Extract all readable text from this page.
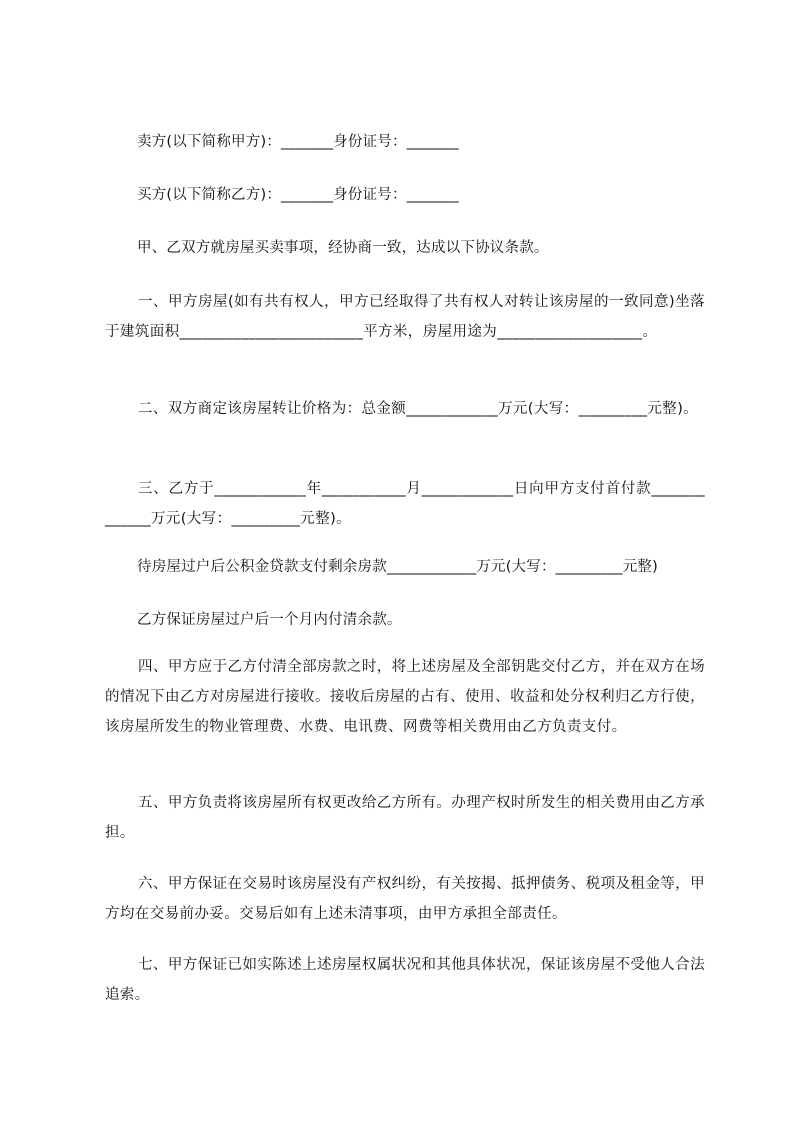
卖方(以下简称甲方)：_______身份证号：_______

买方(以下简称乙方)：_______身份证号：_______

甲、乙双方就房屋买卖事项，经协商一致，达成以下协议条款。

一、甲方房屋(如有共有权人，甲方已经取得了共有权人对转让该房屋的一致同意)坐落于建筑面积________________________平方米，房屋用途为___________________。

二、双方商定该房屋转让价格为：总金额____________万元(大写：_________元整)。

三、乙方于____________年___________月____________日向甲方支付首付款_____________万元(大写：_________元整)。

待房屋过户后公积金贷款支付剩余房款____________万元(大写：_________元整)

乙方保证房屋过户后一个月内付清余款。

四、甲方应于乙方付清全部房款之时，将上述房屋及全部钥匙交付乙方，并在双方在场的情况下由乙方对房屋进行接收。接收后房屋的占有、使用、收益和处分权利归乙方行使，该房屋所发生的物业管理费、水费、电讯费、网费等相关费用由乙方负责支付。

五、甲方负责将该房屋所有权更改给乙方所有。办理产权时所发生的相关费用由乙方承担。

六、甲方保证在交易时该房屋没有产权纠纷，有关按揭、抵押债务、税项及租金等，甲方均在交易前办妥。交易后如有上述未清事项，由甲方承担全部责任。

七、甲方保证已如实陈述上述房屋权属状况和其他具体状况，保证该房屋不受他人合法追索。
